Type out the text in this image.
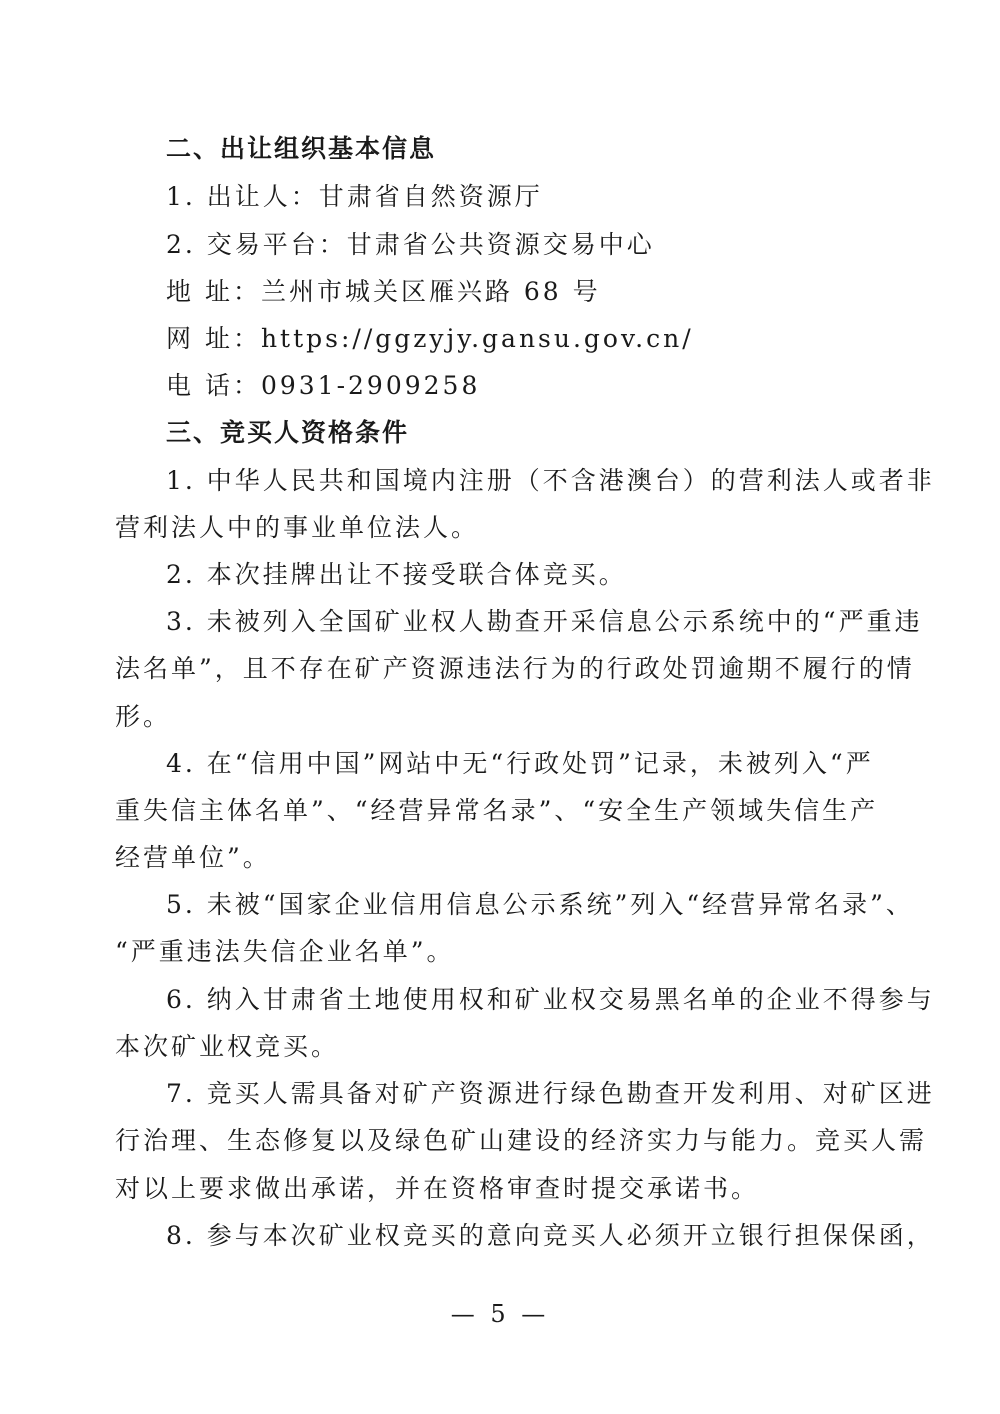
二、出让组织基本信息
1. 出让人：甘肃省自然资源厅
2. 交易平台：甘肃省公共资源交易中心
地 址：兰州市城关区雁兴路 68 号
网 址：https://ggzyjy.gansu.gov.cn/
电 话：0931-2909258
三、竞买人资格条件
1. 中华人民共和国境内注册（不含港澳台）的营利法人或者非
营利法人中的事业单位法人。
2. 本次挂牌出让不接受联合体竞买。
3. 未被列入全国矿业权人勘查开采信息公示系统中的“严重违
法名单”，且不存在矿产资源违法行为的行政处罚逾期不履行的情
形。
4. 在“信用中国”网站中无“行政处罚”记录，未被列入“严
重失信主体名单”、“经营异常名录”、“安全生产领域失信生产
经营单位”。
5. 未被“国家企业信用信息公示系统”列入“经营异常名录”、
“严重违法失信企业名单”。
6. 纳入甘肃省土地使用权和矿业权交易黑名单的企业不得参与
本次矿业权竞买。
7. 竞买人需具备对矿产资源进行绿色勘查开发利用、对矿区进
行治理、生态修复以及绿色矿山建设的经济实力与能力。竞买人需
对以上要求做出承诺，并在资格审查时提交承诺书。
8. 参与本次矿业权竞买的意向竞买人必须开立银行担保保函，
— 5 —
